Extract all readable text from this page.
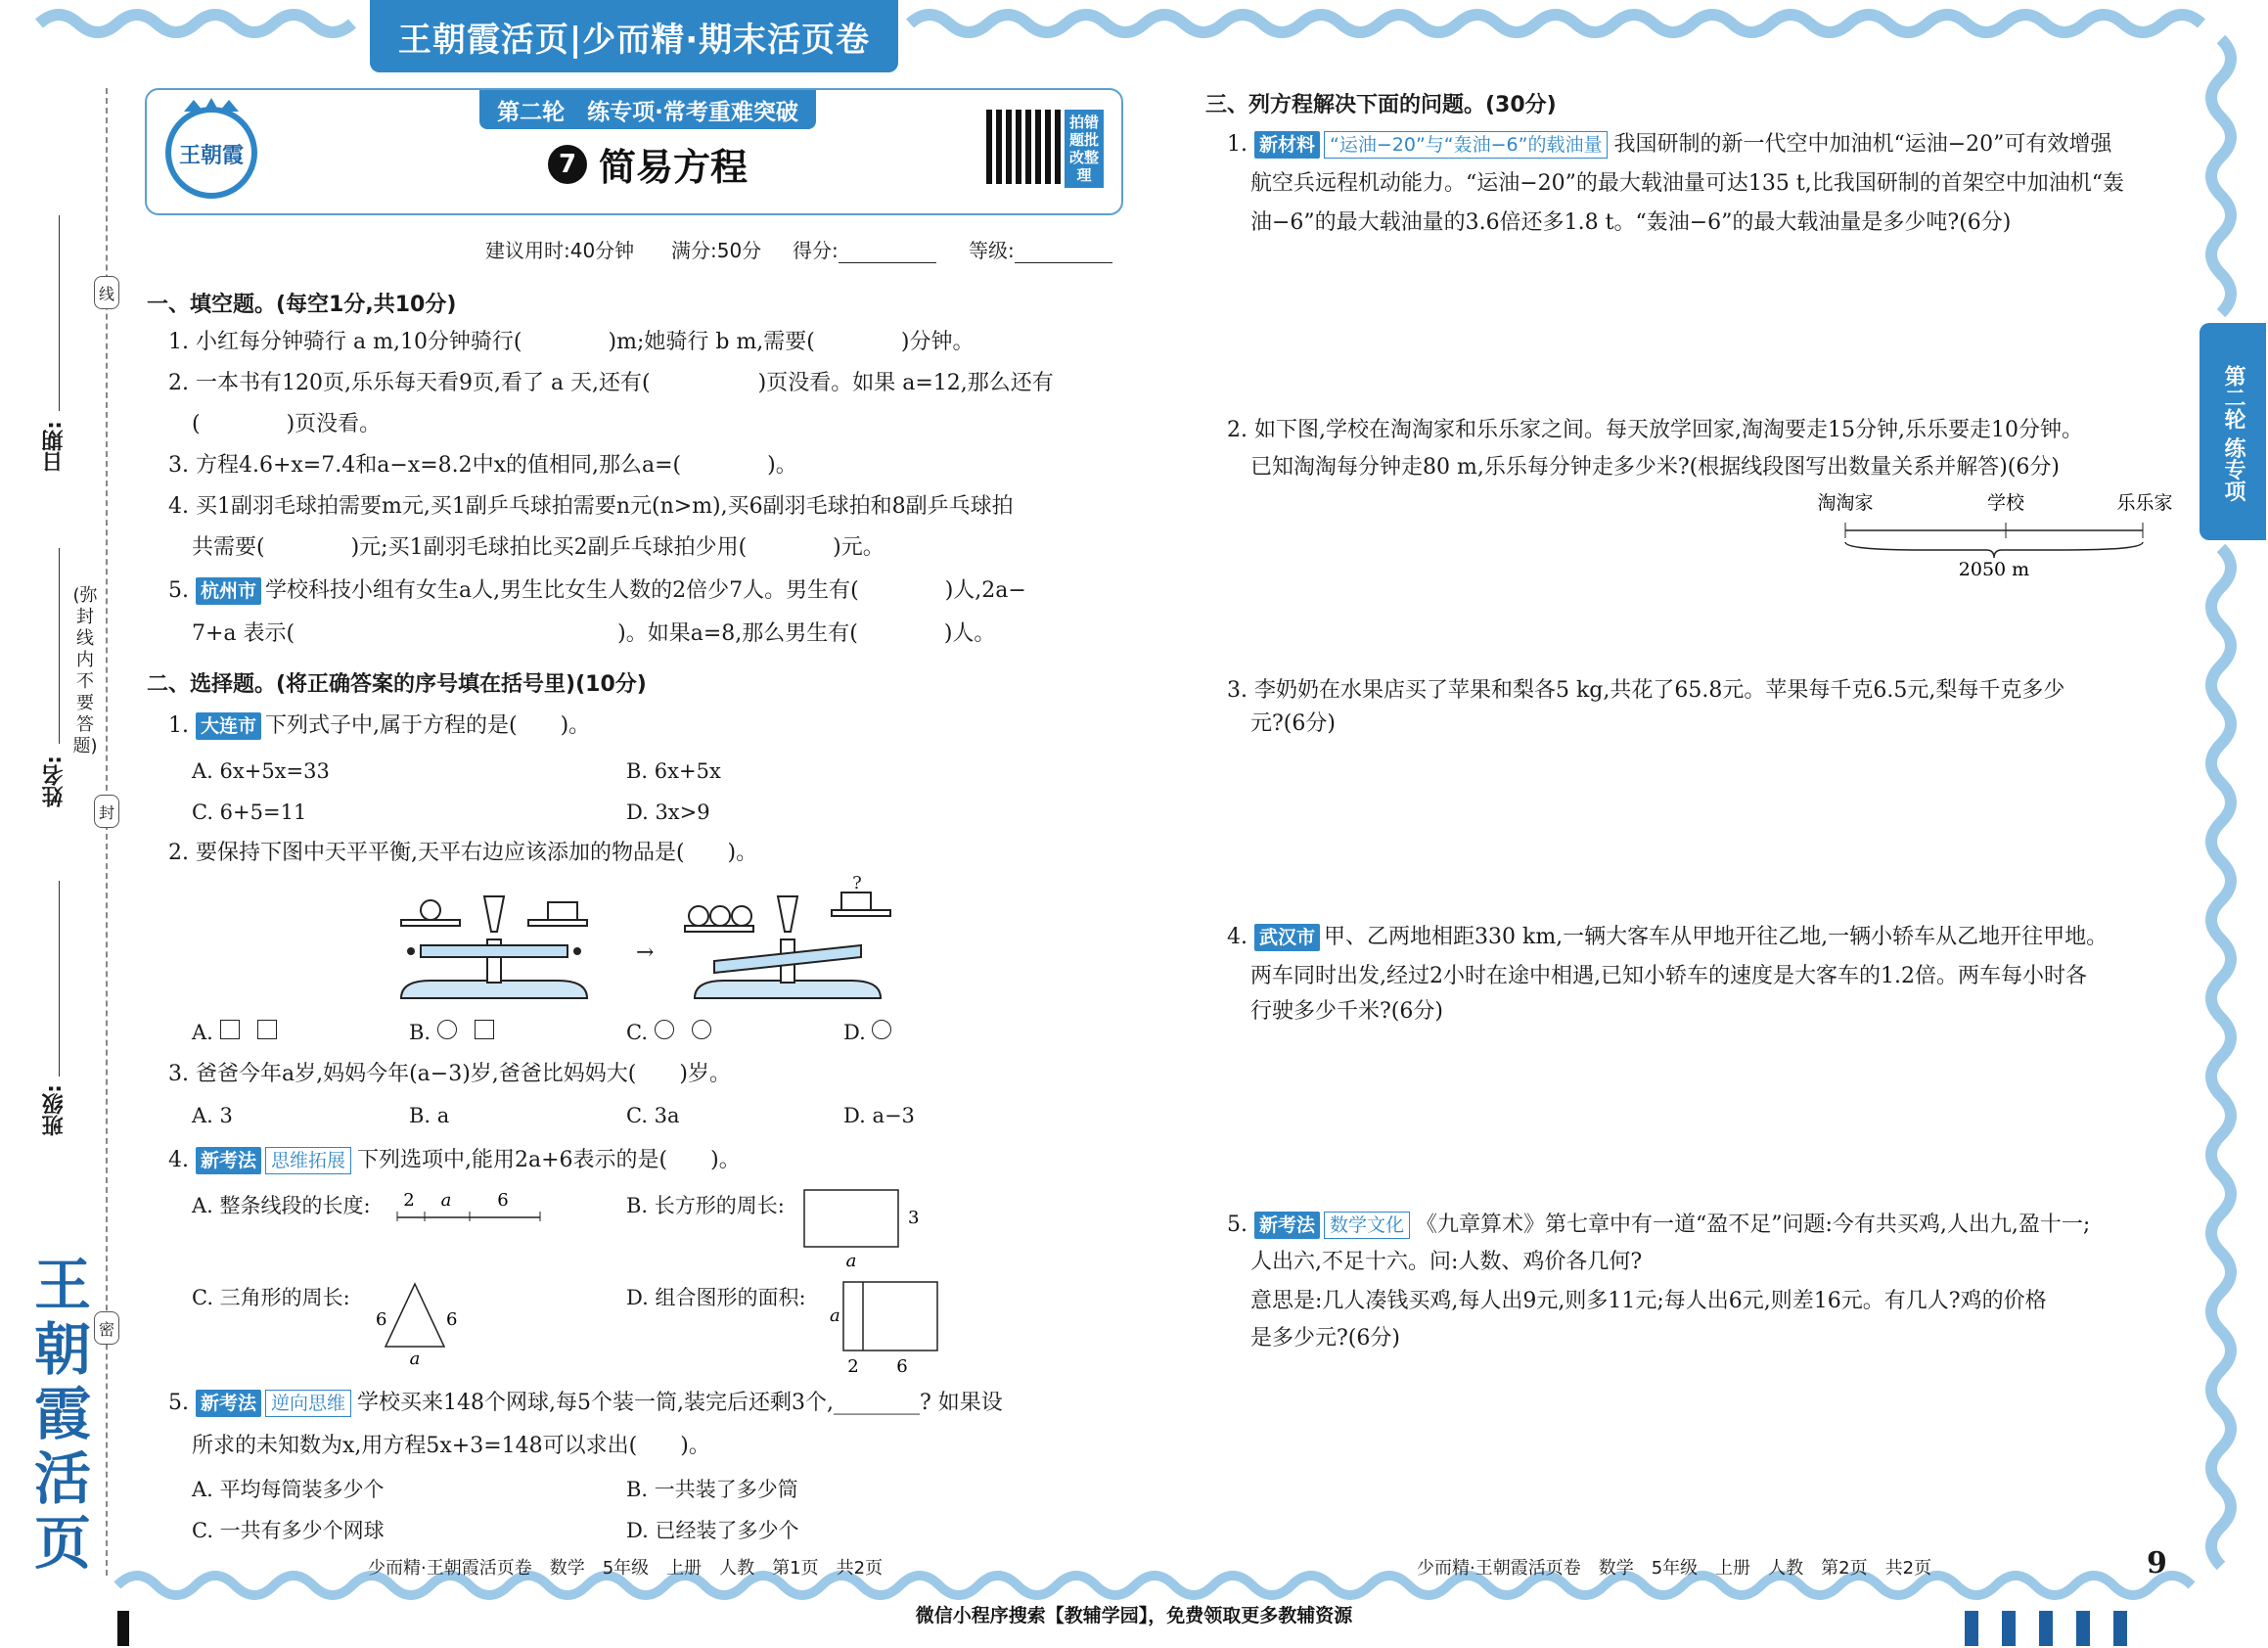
王朝霞活页|少而精·期末活页卷
王朝霞
第二轮　练专项·常考重难突破
7 简易方程
拍错题批改整理
建议用时:40分钟 满分:50分 得分:	等级:
线
封
密
(弥封线内不要答题)
日期:
姓名:
班级:
王朝霞活页
第二轮 练专项
一、填空题。(每空1分,共10分)
1. 小红每分钟骑行 a m,10分钟骑行(　　　　)m;她骑行 b m,需要(　　　　)分钟。
2. 一本书有120页,乐乐每天看9页,看了 a 天,还有(　　　　　)页没看。如果 a=12,那么还有
(　　　　)页没看。
3. 方程4.6+x=7.4和a−x=8.2中x的值相同,那么a=(　　　　)。
4. 买1副羽毛球拍需要m元,买1副乒乓球拍需要n元(n>m),买6副羽毛球拍和8副乒乓球拍
共需要(　　　　)元;买1副羽毛球拍比买2副乒乓球拍少用(　　　　)元。
5. 杭州市 学校科技小组有女生a人,男生比女生人数的2倍少7人。男生有(　　　　)人,2a−
7+a 表示(　　　　　　　　　　　　　　　)。如果a=8,那么男生有(　　　　)人。
二、选择题。(将正确答案的序号填在括号里)(10分)
1. 大连市 下列式子中,属于方程的是(　　)。
A. 6x+5x=33	B. 6x+5x
C. 6+5=11	D. 3x>9
2. 要保持下图中天平平衡,天平右边应该添加的物品是(　　)。
→
?
A.	B.	C.	D.
3. 爸爸今年a岁,妈妈今年(a−3)岁,爸爸比妈妈大(　　)岁。
A. 3	B. a	C. 3a	D. a−3
4. 新考法 思维拓展 下列选项中,能用2a+6表示的是(　　)。
A. 整条线段的长度: 2 a	6	B. 长方形的周长:
3
a
C. 三角形的周长:
6	6
a
D. 组合图形的面积:
a
2 6
5. 新考法 逆向思维 学校买来148个网球,每5个装一筒,装完后还剩3个,________? 如果设
所求的未知数为x,用方程5x+3=148可以求出(　　)。
A. 平均每筒装多少个	B. 一共装了多少筒
C. 一共有多少个网球	D. 已经装了多少个
三、列方程解决下面的问题。(30分)
1. 新材料 “运油−20”与“轰油−6”的载油量 我国研制的新一代空中加油机“运油−20”可有效增强
航空兵远程机动能力。“运油−20”的最大载油量可达135 t,比我国研制的首架空中加油机“轰
油−6”的最大载油量的3.6倍还多1.8 t。“轰油−6”的最大载油量是多少吨?(6分)
2. 如下图,学校在淘淘家和乐乐家之间。每天放学回家,淘淘要走15分钟,乐乐要走10分钟。
已知淘淘每分钟走80 m,乐乐每分钟走多少米?(根据线段图写出数量关系并解答)(6分)
淘淘家	学校	乐乐家
2050 m
3. 李奶奶在水果店买了苹果和梨各5 kg,共花了65.8元。苹果每千克6.5元,梨每千克多少
元?(6分)
4. 武汉市 甲、乙两地相距330 km,一辆大客车从甲地开往乙地,一辆小轿车从乙地开往甲地。
两车同时出发,经过2小时在途中相遇,已知小轿车的速度是大客车的1.2倍。两车每小时各
行驶多少千米?(6分)
5. 新考法 数学文化 《九章算术》第七章中有一道“盈不足”问题:今有共买鸡,人出九,盈十一;
人出六,不足十六。问:人数、鸡价各几何?
意思是:几人凑钱买鸡,每人出9元,则多11元;每人出6元,则差16元。有几人?鸡的价格
是多少元?(6分)
少而精·王朝霞活页卷　数学　5年级　上册　人教　第1页　共2页	少而精·王朝霞活页卷　数学　5年级　上册　人教　第2页　共2页	9
微信小程序搜索【教辅学园】，免费领取更多教辅资源
